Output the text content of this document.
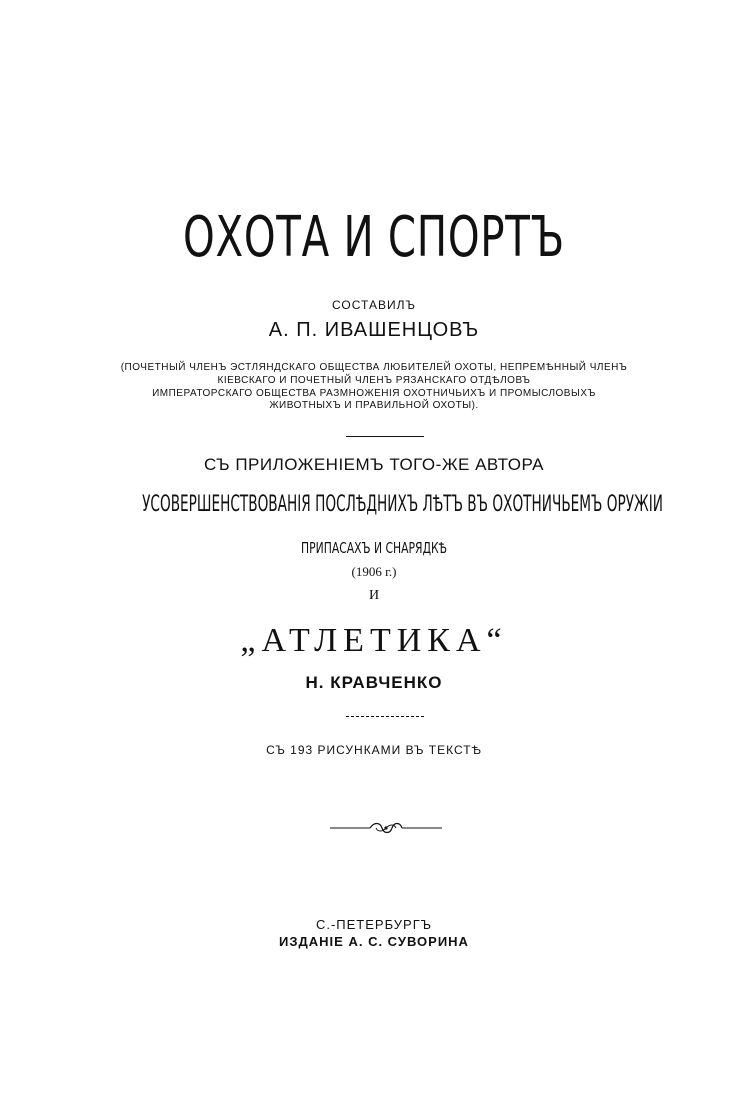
ОХОТА И СПОРТЪ
СОСТАВИЛЪ
А. П. ИВАШЕНЦОВЪ
(ПОЧЕТНЫЙ ЧЛЕНЪ ЭСТЛЯНДСКАГО ОБЩЕСТВА ЛЮБИТЕЛЕЙ ОХОТЫ, НЕПРЕМѢННЫЙ ЧЛЕНЪ
КІЕВСКАГО И ПОЧЕТНЫЙ ЧЛЕНЪ РЯЗАНСКАГО ОТДѢЛОВЪ
ИМПЕРАТОРСКАГО ОБЩЕСТВА РАЗМНОЖЕНІЯ ОХОТНИЧЬИХЪ И ПРОМЫСЛОВЫХЪ
ЖИВОТНЫХЪ И ПРАВИЛЬНОЙ ОХОТЫ).
СЪ ПРИЛОЖЕНІЕМЪ ТОГО-ЖЕ АВТОРА
УСОВЕРШЕНСТВОВАНІЯ ПОСЛѢДНИХЪ ЛѢТЪ ВЪ ОХОТНИЧЬЕМЪ ОРУЖІИ
ПРИПАСАХЪ И СНАРЯДКѢ
(1906 г.)
И
„АТЛЕТИКА“
Н. КРАВЧЕНКО
СЪ 193 РИСУНКАМИ ВЪ ТЕКСТѢ
С.-ПЕТЕРБУРГЪ
ИЗДАНІЕ А. С. СУВОРИНА
